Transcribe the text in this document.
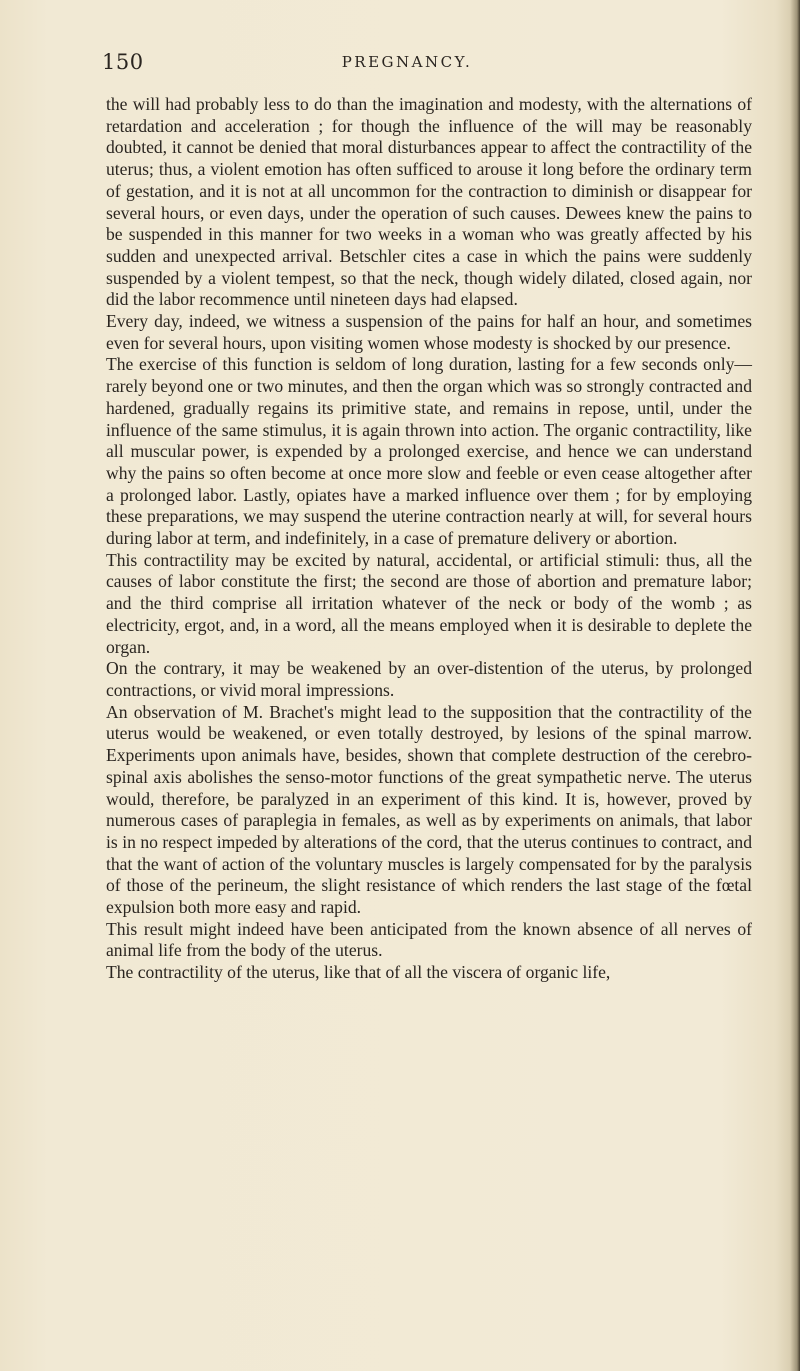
150	PREGNANCY.

the will had probably less to do than the imagination and modesty, with the alternations of retardation and acceleration ; for though the influence of the will may be reasonably doubted, it cannot be denied that moral disturbances appear to affect the contractility of the uterus; thus, a violent emotion has often sufficed to arouse it long before the ordinary term of gestation, and it is not at all uncommon for the contraction to diminish or disappear for several hours, or even days, under the operation of such causes. Dewees knew the pains to be suspended in this manner for two weeks in a woman who was greatly affected by his sudden and unexpected arrival. Betschler cites a case in which the pains were suddenly suspended by a violent tempest, so that the neck, though widely dilated, closed again, nor did the labor recommence until nineteen days had elapsed.

Every day, indeed, we witness a suspension of the pains for half an hour, and sometimes even for several hours, upon visiting women whose modesty is shocked by our presence.

The exercise of this function is seldom of long duration, lasting for a few seconds only—rarely beyond one or two minutes, and then the organ which was so strongly contracted and hardened, gradually regains its primitive state, and remains in repose, until, under the influence of the same stimulus, it is again thrown into action. The organic contractility, like all muscular power, is expended by a prolonged exercise, and hence we can understand why the pains so often become at once more slow and feeble or even cease altogether after a prolonged labor. Lastly, opiates have a marked influence over them ; for by employing these preparations, we may suspend the uterine contraction nearly at will, for several hours during labor at term, and indefinitely, in a case of premature delivery or abortion.

This contractility may be excited by natural, accidental, or artificial stimuli: thus, all the causes of labor constitute the first; the second are those of abortion and premature labor; and the third comprise all irritation whatever of the neck or body of the womb ; as electricity, ergot, and, in a word, all the means employed when it is desirable to deplete the organ.

On the contrary, it may be weakened by an over-distention of the uterus, by prolonged contractions, or vivid moral impressions.

An observation of M. Brachet's might lead to the supposition that the contractility of the uterus would be weakened, or even totally destroyed, by lesions of the spinal marrow. Experiments upon animals have, besides, shown that complete destruction of the cerebro-spinal axis abolishes the senso-motor functions of the great sympathetic nerve. The uterus would, therefore, be paralyzed in an experiment of this kind. It is, however, proved by numerous cases of paraplegia in females, as well as by experiments on animals, that labor is in no respect impeded by alterations of the cord, that the uterus continues to contract, and that the want of action of the voluntary muscles is largely compensated for by the paralysis of those of the perineum, the slight resistance of which renders the last stage of the fœtal expulsion both more easy and rapid.

This result might indeed have been anticipated from the known absence of all nerves of animal life from the body of the uterus.

The contractility of the uterus, like that of all the viscera of organic life,
